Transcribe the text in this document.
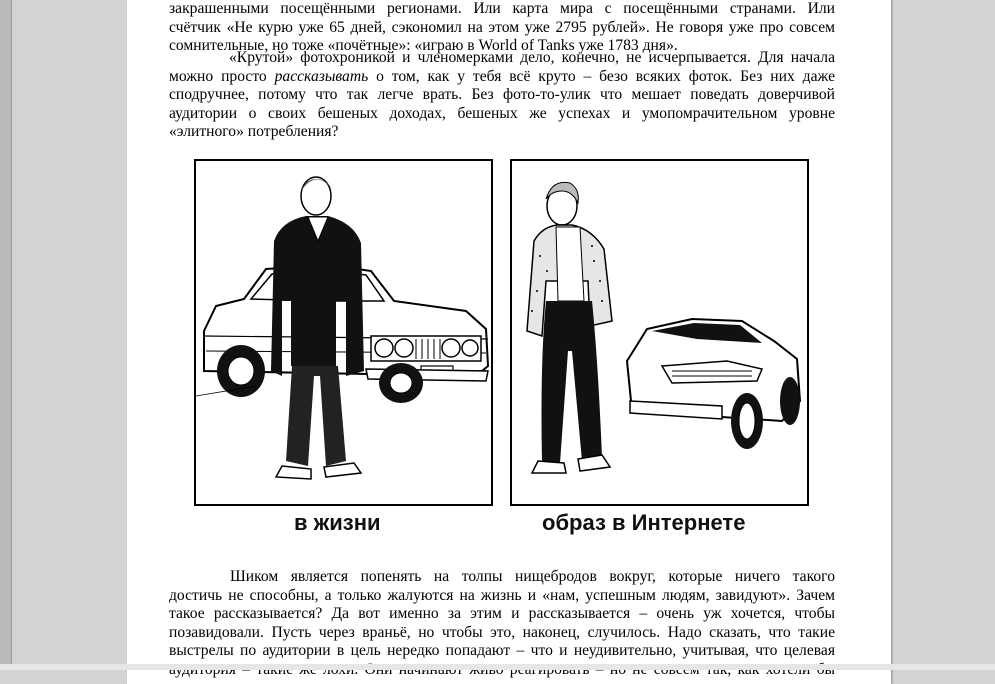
закрашенными посещёнными регионами. Или карта мира с посещёнными странами. Или
счётчик «Не курю уже 65 дней, сэкономил на этом уже 2795 рублей». Не говоря уже про совсем
сомнительные, но тоже «почётные»: «играю в World of Tanks уже 1783 дня».
«Крутой» фотохроникой и членомерками дело, конечно, не исчерпывается. Для начала
можно просто рассказывать о том, как у тебя всё круто – безо всяких фоток. Без них даже
сподручнее, потому что так легче врать. Без фото-то-улик что мешает поведать доверчивой
аудитории о своих бешеных доходах, бешеных же успехах и умопомрачительном уровне
«элитного» потребления?
в жизни	образ в Интернете
Шиком является попенять на толпы нищебродов вокруг, которые ничего такого
достичь не способны, а только жалуются на жизнь и «нам, успешным людям, завидуют». Зачем
такое рассказывается? Да вот именно за этим и рассказывается – очень уж хочется, чтобы
позавидовали. Пусть через враньё, но чтобы это, наконец, случилось. Надо сказать, что такие
выстрелы по аудитории в цель нередко попадают – что и неудивительно, учитывая, что целевая
